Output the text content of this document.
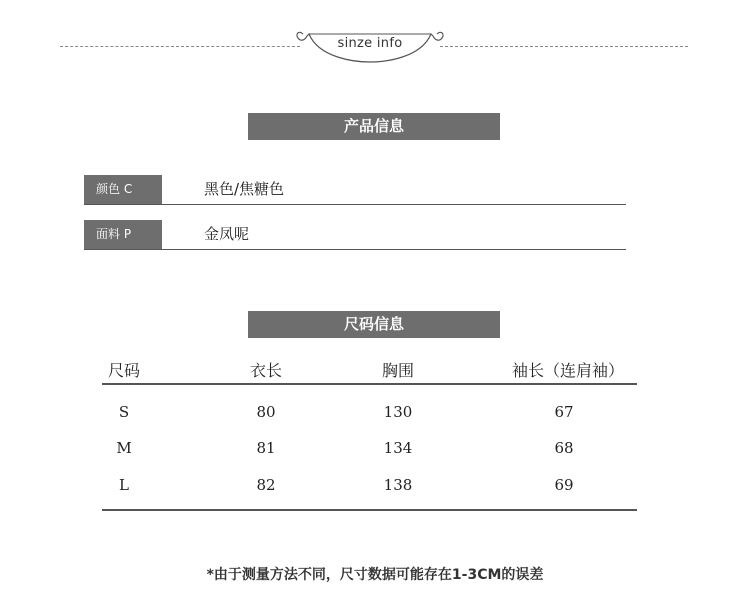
sinze info
产品信息
颜色 C	黑色/焦糖色
面料 P	金凤呢
尺码信息
尺码	衣长	胸围	袖长（连肩袖）
S	80	130	67
M	81	134	68
L	82	138	69
*由于测量方法不同，尺寸数据可能存在1-3CM的误差
